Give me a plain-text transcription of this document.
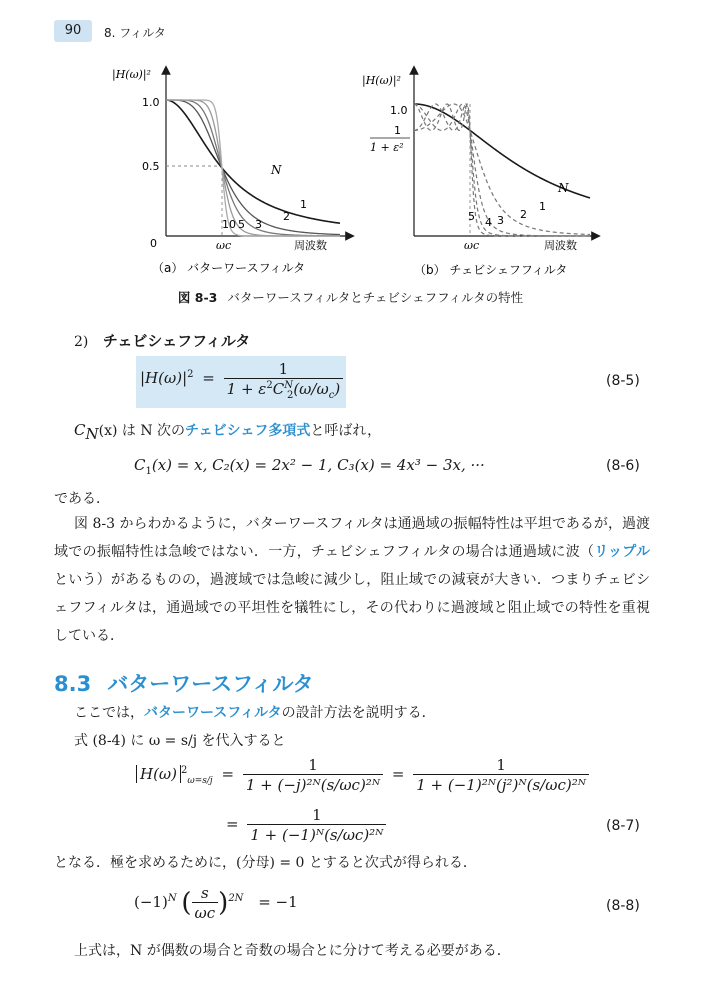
90	8. フィルタ
|H(ω)|²
1.0
0.5
0	ωc	周波数
N
1
2
3
5
10
|H(ω)|²
1.0
1
1 + ε²
ωc	周波数
N
1
2
3
4
5
（a） バターワースフィルタ	（b） チェビシェフフィルタ
図 8-3 バターワースフィルタとチェビシェフフィルタの特性
2) チェビシェフフィルタ
$|H(\omega)|^2 = \frac{1}{1 + \varepsilon^2C^N_2(\omega/\omega_c)}$	(8-5)
$C_N(x)$ は N 次のチェビシェフ多項式と呼ばれ，
$C_1(x) = x$, C₂(x) = 2x² − 1, C₃(x) = 4x³ − 3x, ···	(8-6)
である．
図 8-3 からわかるように，バターワースフィルタは通過域の振幅特性は平坦であるが，過渡域での振幅特性は急峻ではない．一方，チェビシェフフィルタの場合は通過域に波（リップルという）があるものの，過渡域では急峻に減少し，阻止域での減衰が大きい．つまりチェビシェフフィルタは，通過域での平坦性を犠牲にし，その代わりに過渡域と阻止域での特性を重視している．
8.3 バターワースフィルタ
ここでは，バターワースフィルタの設計方法を説明する．
式 (8-4) に ω = s/j を代入すると
H(ω) $^2_{\omega=s/j} = \frac{1}{\text{1 + (−j)²ᴺ(s/ωc)²ᴺ}} = \frac{1}{\text{1 + (−1)²ᴺ(j²)ᴺ(s/ωc)²ᴺ}}$
= $\frac{1}{\text{1 + (−1)ᴺ(s/ωc)²ᴺ}}$	(8-7)
となる．極を求めるために，(分母) = 0 とすると次式が得られる．
$(-1)^N$ ( $\frac{s}{\omega c} )^{2N} = -1$	(8-8)
上式は，N が偶数の場合と奇数の場合とに分けて考える必要がある．
